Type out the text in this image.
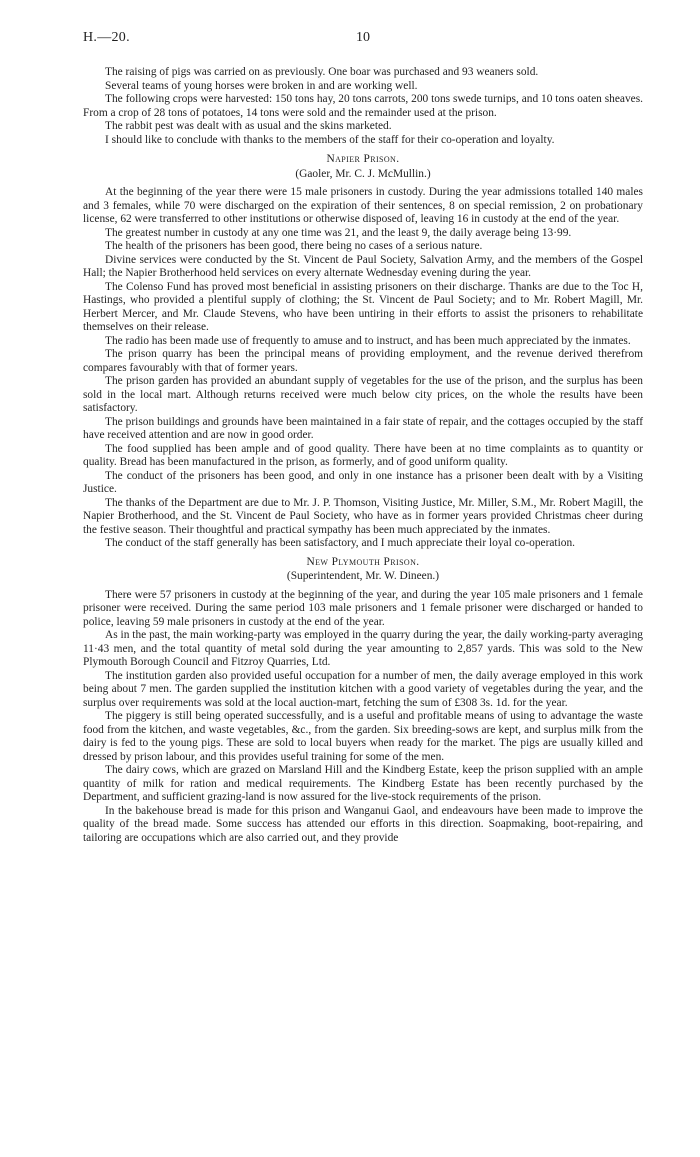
H.—20.	10

The raising of pigs was carried on as previously. One boar was purchased and 93 weaners sold.

Several teams of young horses were broken in and are working well.

The following crops were harvested: 150 tons hay, 20 tons carrots, 200 tons swede turnips, and 10 tons oaten sheaves. From a crop of 28 tons of potatoes, 14 tons were sold and the remainder used at the prison.

The rabbit pest was dealt with as usual and the skins marketed.

I should like to conclude with thanks to the members of the staff for their co-operation and loyalty.

Napier Prison.
(Gaoler, Mr. C. J. McMullin.)

At the beginning of the year there were 15 male prisoners in custody. During the year admissions totalled 140 males and 3 females, while 70 were discharged on the expiration of their sentences, 8 on special remission, 2 on probationary license, 62 were transferred to other institutions or otherwise disposed of, leaving 16 in custody at the end of the year.

The greatest number in custody at any one time was 21, and the least 9, the daily average being 13·99.

The health of the prisoners has been good, there being no cases of a serious nature.

Divine services were conducted by the St. Vincent de Paul Society, Salvation Army, and the members of the Gospel Hall; the Napier Brotherhood held services on every alternate Wednesday evening during the year.

The Colenso Fund has proved most beneficial in assisting prisoners on their discharge. Thanks are due to the Toc H, Hastings, who provided a plentiful supply of clothing; the St. Vincent de Paul Society; and to Mr. Robert Magill, Mr. Herbert Mercer, and Mr. Claude Stevens, who have been untiring in their efforts to assist the prisoners to rehabilitate themselves on their release.

The radio has been made use of frequently to amuse and to instruct, and has been much appreciated by the inmates.

The prison quarry has been the principal means of providing employment, and the revenue derived therefrom compares favourably with that of former years.

The prison garden has provided an abundant supply of vegetables for the use of the prison, and the surplus has been sold in the local mart. Although returns received were much below city prices, on the whole the results have been satisfactory.

The prison buildings and grounds have been maintained in a fair state of repair, and the cottages occupied by the staff have received attention and are now in good order.

The food supplied has been ample and of good quality. There have been at no time complaints as to quantity or quality. Bread has been manufactured in the prison, as formerly, and of good uniform quality.

The conduct of the prisoners has been good, and only in one instance has a prisoner been dealt with by a Visiting Justice.

The thanks of the Department are due to Mr. J. P. Thomson, Visiting Justice, Mr. Miller, S.M., Mr. Robert Magill, the Napier Brotherhood, and the St. Vincent de Paul Society, who have as in former years provided Christmas cheer during the festive season. Their thoughtful and practical sympathy has been much appreciated by the inmates.

The conduct of the staff generally has been satisfactory, and I much appreciate their loyal co-operation.

New Plymouth Prison.
(Superintendent, Mr. W. Dineen.)

There were 57 prisoners in custody at the beginning of the year, and during the year 105 male prisoners and 1 female prisoner were received. During the same period 103 male prisoners and 1 female prisoner were discharged or handed to police, leaving 59 male prisoners in custody at the end of the year.

As in the past, the main working-party was employed in the quarry during the year, the daily working-party averaging 11·43 men, and the total quantity of metal sold during the year amounting to 2,857 yards. This was sold to the New Plymouth Borough Council and Fitzroy Quarries, Ltd.

The institution garden also provided useful occupation for a number of men, the daily average employed in this work being about 7 men. The garden supplied the institution kitchen with a good variety of vegetables during the year, and the surplus over requirements was sold at the local auction-mart, fetching the sum of £308 3s. 1d. for the year.

The piggery is still being operated successfully, and is a useful and profitable means of using to advantage the waste food from the kitchen, and waste vegetables, &c., from the garden. Six breeding-sows are kept, and surplus milk from the dairy is fed to the young pigs. These are sold to local buyers when ready for the market. The pigs are usually killed and dressed by prison labour, and this provides useful training for some of the men.

The dairy cows, which are grazed on Marsland Hill and the Kindberg Estate, keep the prison supplied with an ample quantity of milk for ration and medical requirements. The Kindberg Estate has been recently purchased by the Department, and sufficient grazing-land is now assured for the live-stock requirements of the prison.

In the bakehouse bread is made for this prison and Wanganui Gaol, and endeavours have been made to improve the quality of the bread made. Some success has attended our efforts in this direction. Soapmaking, boot-repairing, and tailoring are occupations which are also carried out, and they provide
